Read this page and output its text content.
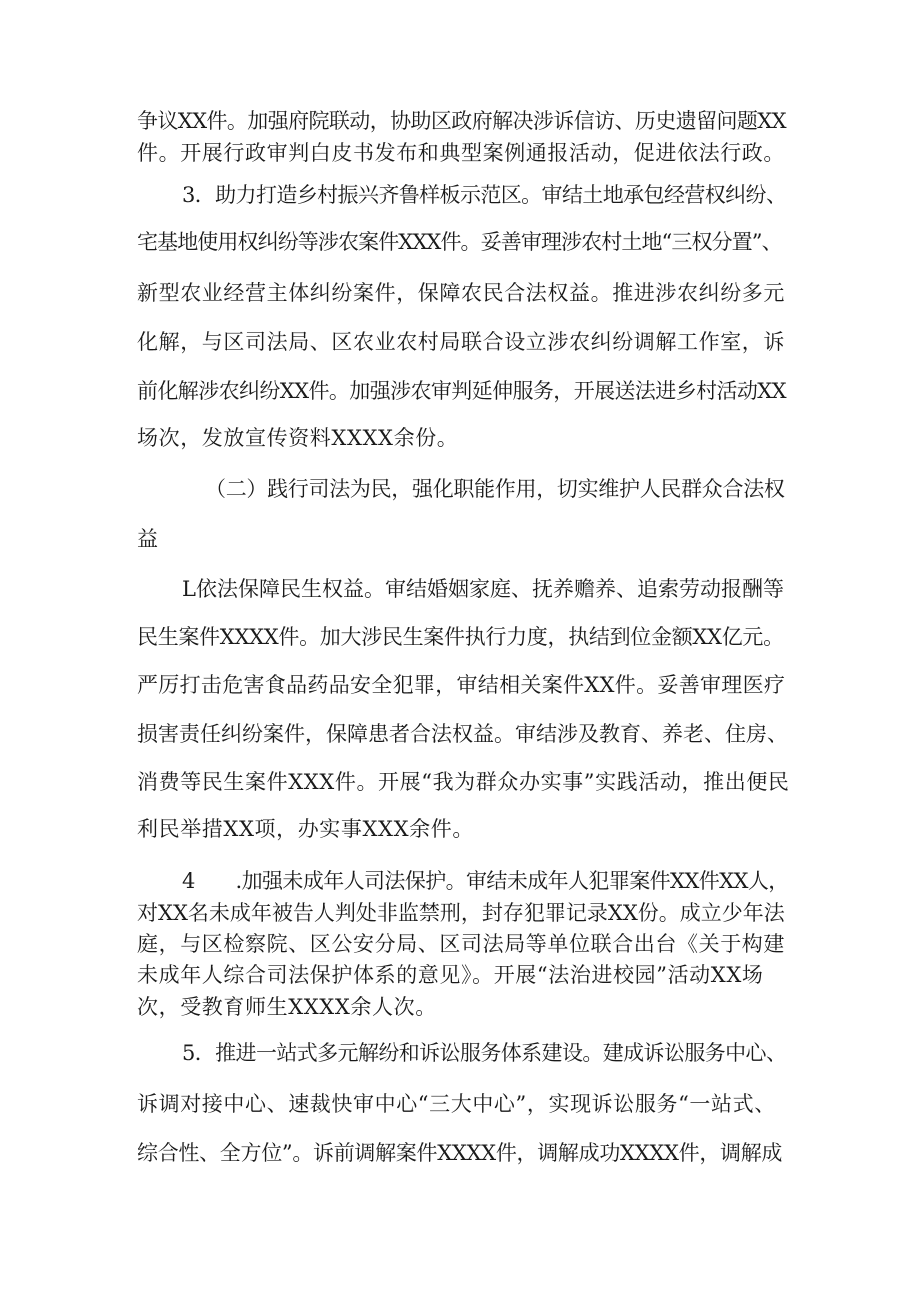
争议XX件。加强府院联动，协助区政府解决涉诉信访、历史遗留问题XX
件。开展行政审判白皮书发布和典型案例通报活动，促进依法行政。
3．助力打造乡村振兴齐鲁样板示范区。审结土地承包经营权纠纷、
宅基地使用权纠纷等涉农案件XXX件。妥善审理涉农村土地“三权分置”、
新型农业经营主体纠纷案件，保障农民合法权益。推进涉农纠纷多元
化解，与区司法局、区农业农村局联合设立涉农纠纷调解工作室，诉
前化解涉农纠纷XX件。加强涉农审判延伸服务，开展送法进乡村活动XX
场次，发放宣传资料XXXX余份。
（二）践行司法为民，强化职能作用，切实维护人民群众合法权
益
L依法保障民生权益。审结婚姻家庭、抚养赡养、追索劳动报酬等
民生案件XXXX件。加大涉民生案件执行力度，执结到位金额XX亿元。
严厉打击危害食品药品安全犯罪，审结相关案件XX件。妥善审理医疗
损害责任纠纷案件，保障患者合法权益。审结涉及教育、养老、住房、
消费等民生案件XXX件。开展“我为群众办实事”实践活动，推出便民
利民举措XX项，办实事XXX余件。
4　　.加强未成年人司法保护。审结未成年人犯罪案件XX件XX人，
对XX名未成年被告人判处非监禁刑，封存犯罪记录XX份。成立少年法
庭，与区检察院、区公安分局、区司法局等单位联合出台《关于构建
未成年人综合司法保护体系的意见》。开展“法治进校园”活动XX场
次，受教育师生XXXX余人次。
5．推进一站式多元解纷和诉讼服务体系建设。建成诉讼服务中心、
诉调对接中心、速裁快审中心“三大中心”，实现诉讼服务“一站式、
综合性、全方位”。诉前调解案件XXXX件，调解成功XXXX件，调解成
